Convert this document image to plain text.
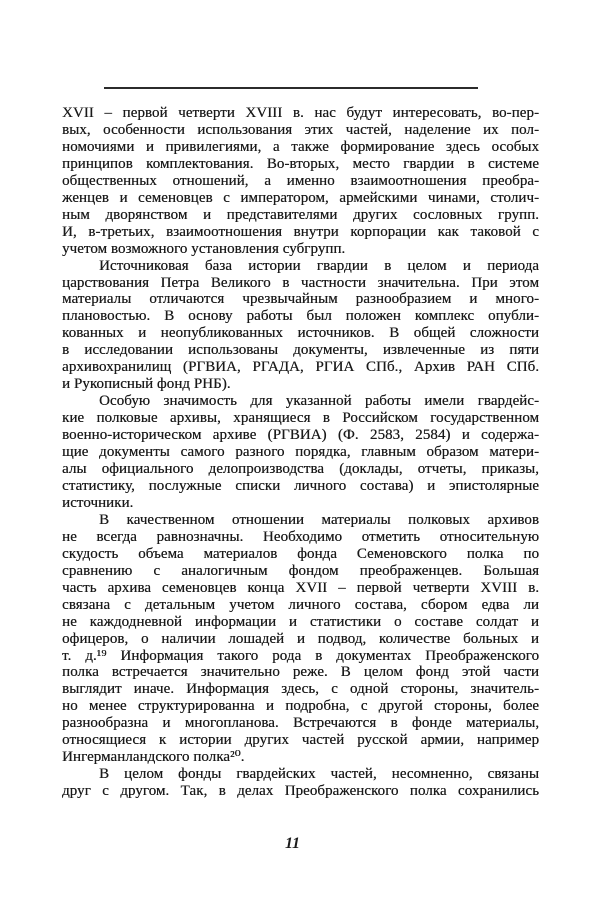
XVII – первой четверти XVIII в. нас будут интересовать, во-пер-
вых, особенности использования этих частей, наделение их пол-
номочиями и привилегиями, а также формирование здесь особых
принципов комплектования. Во-вторых, место гвардии в системе
общественных отношений, а именно взаимоотношения преобра-
женцев и семеновцев с императором, армейскими чинами, столич-
ным дворянством и представителями других сословных групп.
И, в-третьих, взаимоотношения внутри корпорации как таковой с
учетом возможного установления субгрупп.
Источниковая база истории гвардии в целом и периода
царствования Петра Великого в частности значительна. При этом
материалы отличаются чрезвычайным разнообразием и много-
плановостью. В основу работы был положен комплекс опубли-
кованных и неопубликованных источников. В общей сложности
в исследовании использованы документы, извлеченные из пяти
архивохранилищ (РГВИА, РГАДА, РГИА СПб., Архив РАН СПб.
и Рукописный фонд РНБ).
Особую значимость для указанной работы имели гвардейс-
кие полковые архивы, хранящиеся в Российском государственном
военно-историческом архиве (РГВИА) (Ф. 2583, 2584) и содержа-
щие документы самого разного порядка, главным образом матери-
алы официального делопроизводства (доклады, отчеты, приказы,
статистику, послужные списки личного состава) и эпистолярные
источники.
В качественном отношении материалы полковых архивов
не всегда равнозначны. Необходимо отметить относительную
скудость объема материалов фонда Семеновского полка по
сравнению с аналогичным фондом преображенцев. Большая
часть архива семеновцев конца XVII – первой четверти XVIII в.
связана с детальным учетом личного состава, сбором едва ли
не каждодневной информации и статистики о составе солдат и
офицеров, о наличии лошадей и подвод, количестве больных и
т. д.¹⁹ Информация такого рода в документах Преображенского
полка встречается значительно реже. В целом фонд этой части
выглядит иначе. Информация здесь, с одной стороны, значитель-
но менее структурированна и подробна, с другой стороны, более
разнообразна и многопланова. Встречаются в фонде материалы,
относящиеся к истории других частей русской армии, например
Ингерманландского полка²⁰.
В целом фонды гвардейских частей, несомненно, связаны
друг с другом. Так, в делах Преображенского полка сохранились
11
